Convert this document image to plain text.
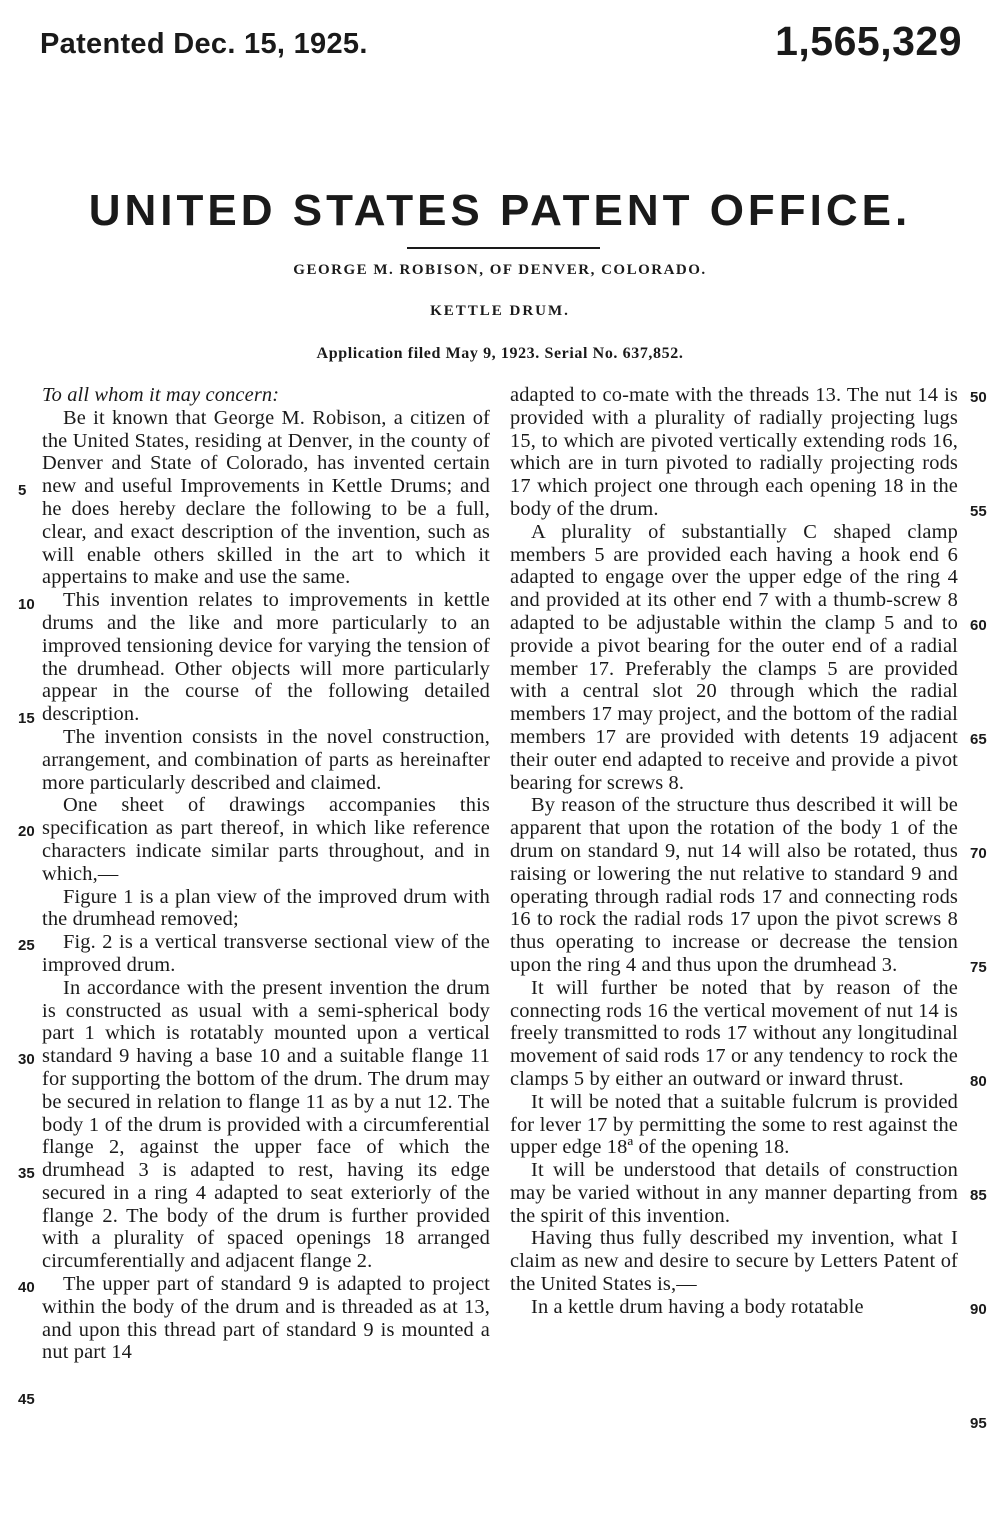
Patented Dec. 15, 1925.	1,565,329
UNITED STATES PATENT OFFICE.
GEORGE M. ROBISON, OF DENVER, COLORADO.
KETTLE DRUM.
Application filed May 9, 1923. Serial No. 637,852.

To all whom it may concern:

Be it known that George M. Robison, a citizen of the United States, residing at Denver, in the county of Denver and State of Colorado, has invented certain new and useful Improvements in Kettle Drums; and he does hereby declare the following to be a full, clear, and exact description of the invention, such as will enable others skilled in the art to which it appertains to make and use the same.

This invention relates to improvements in kettle drums and the like and more particularly to an improved tensioning device for varying the tension of the drumhead. Other objects will more particularly appear in the course of the following detailed description.

The invention consists in the novel construction, arrangement, and combination of parts as hereinafter more particularly described and claimed.

One sheet of drawings accompanies this specification as part thereof, in which like reference characters indicate similar parts throughout, and in which,—

Figure 1 is a plan view of the improved drum with the drumhead removed;

Fig. 2 is a vertical transverse sectional view of the improved drum.

In accordance with the present invention the drum is constructed as usual with a semi-spherical body part 1 which is rotatably mounted upon a vertical standard 9 having a base 10 and a suitable flange 11 for supporting the bottom of the drum. The drum may be secured in relation to flange 11 as by a nut 12. The body 1 of the drum is provided with a circumferential flange 2, against the upper face of which the drumhead 3 is adapted to rest, having its edge secured in a ring 4 adapted to seat exteriorly of the flange 2. The body of the drum is further provided with a plurality of spaced openings 18 arranged circumferentially and adjacent flange 2.

The upper part of standard 9 is adapted to project within the body of the drum and is threaded as at 13, and upon this thread part of standard 9 is mounted a nut part 14

adapted to co-mate with the threads 13. The nut 14 is provided with a plurality of radially projecting lugs 15, to which are pivoted vertically extending rods 16, which are in turn pivoted to radially projecting rods 17 which project one through each opening 18 in the body of the drum.

A plurality of substantially C shaped clamp members 5 are provided each having a hook end 6 adapted to engage over the upper edge of the ring 4 and provided at its other end 7 with a thumb-screw 8 adapted to be adjustable within the clamp 5 and to provide a pivot bearing for the outer end of a radial member 17. Preferably the clamps 5 are provided with a central slot 20 through which the radial members 17 may project, and the bottom of the radial members 17 are provided with detents 19 adjacent their outer end adapted to receive and provide a pivot bearing for screws 8.

By reason of the structure thus described it will be apparent that upon the rotation of the body 1 of the drum on standard 9, nut 14 will also be rotated, thus raising or lowering the nut relative to standard 9 and operating through radial rods 17 and connecting rods 16 to rock the radial rods 17 upon the pivot screws 8 thus operating to increase or decrease the tension upon the ring 4 and thus upon the drumhead 3.

It will further be noted that by reason of the connecting rods 16 the vertical movement of nut 14 is freely transmitted to rods 17 without any longitudinal movement of said rods 17 or any tendency to rock the clamps 5 by either an outward or inward thrust.

It will be noted that a suitable fulcrum is provided for lever 17 by permitting the some to rest against the upper edge 18ª of the opening 18.

It will be understood that details of construction may be varied without in any manner departing from the spirit of this invention.

Having thus fully described my invention, what I claim as new and desire to secure by Letters Patent of the United States is,—

In a kettle drum having a body rotatable

5
10
15
20
25
30
35
40
45
50
55
60
65
70
75
80
85
90
95
